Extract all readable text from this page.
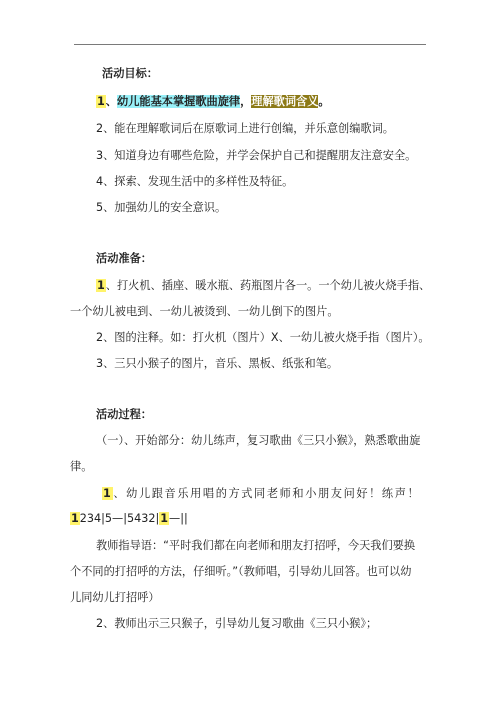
活动目标：
1、幼儿能基本掌握歌曲旋律，理解歌词含义。
2、能在理解歌词后在原歌词上进行创编，并乐意创编歌词。
3、知道身边有哪些危险，并学会保护自己和提醒朋友注意安全。
4、探索、发现生活中的多样性及特征。
5、加强幼儿的安全意识。
活动准备：
1、打火机、插座、暖水瓶、药瓶图片各一。一个幼儿被火烧手指、
一个幼儿被电到、一幼儿被烫到、一幼儿倒下的图片。
2、图的注释。如：打火机（图片）X、一幼儿被火烧手指（图片）。
3、三只小猴子的图片，音乐、黑板、纸张和笔。
活动过程：
（一）、开始部分：幼儿练声，复习歌曲《三只小猴》，熟悉歌曲旋
律。
1、幼儿跟音乐用唱的方式同老师和小朋友问好！练声！
1234|5—|5432|1—||
教师指导语：“平时我们都在向老师和朋友打招呼，今天我们要换
个不同的打招呼的方法，仔细听。”（教师唱，引导幼儿回答。也可以幼
儿同幼儿打招呼）
2、教师出示三只猴子，引导幼儿复习歌曲《三只小猴》；
